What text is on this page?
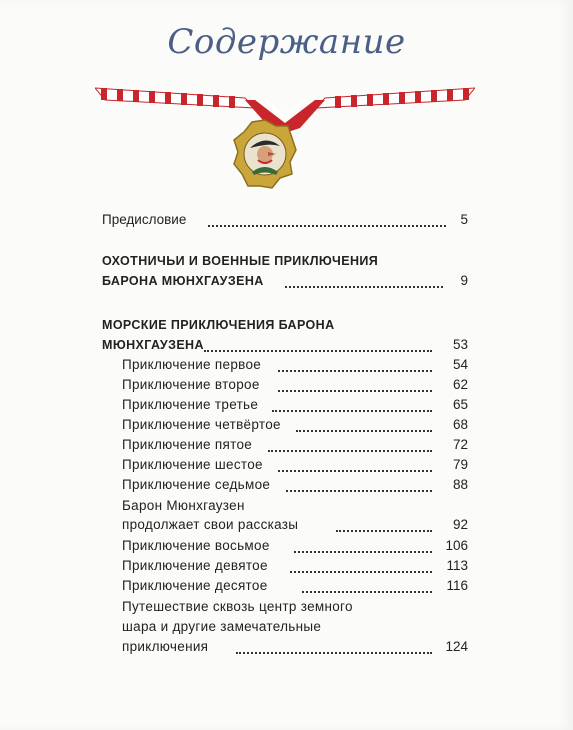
Содержание
Предисловие	5
ОХОТНИЧЬИ И ВОЕННЫЕ ПРИКЛЮЧЕНИЯ
БАРОНА МЮНХГАУЗЕНА	9
МОРСКИЕ ПРИКЛЮЧЕНИЯ БАРОНА
МЮНХГАУЗЕНА	53
Приключение первое	54
Приключение второе	62
Приключение третье	65
Приключение четвёртое	68
Приключение пятое	72
Приключение шестое	79
Приключение седьмое	88
Барон Мюнхгаузен
продолжает свои рассказы	92
Приключение восьмое	106
Приключение девятое	113
Приключение десятое	116
Путешествие сквозь центр земного
шара и другие замечательные
приключения	124
